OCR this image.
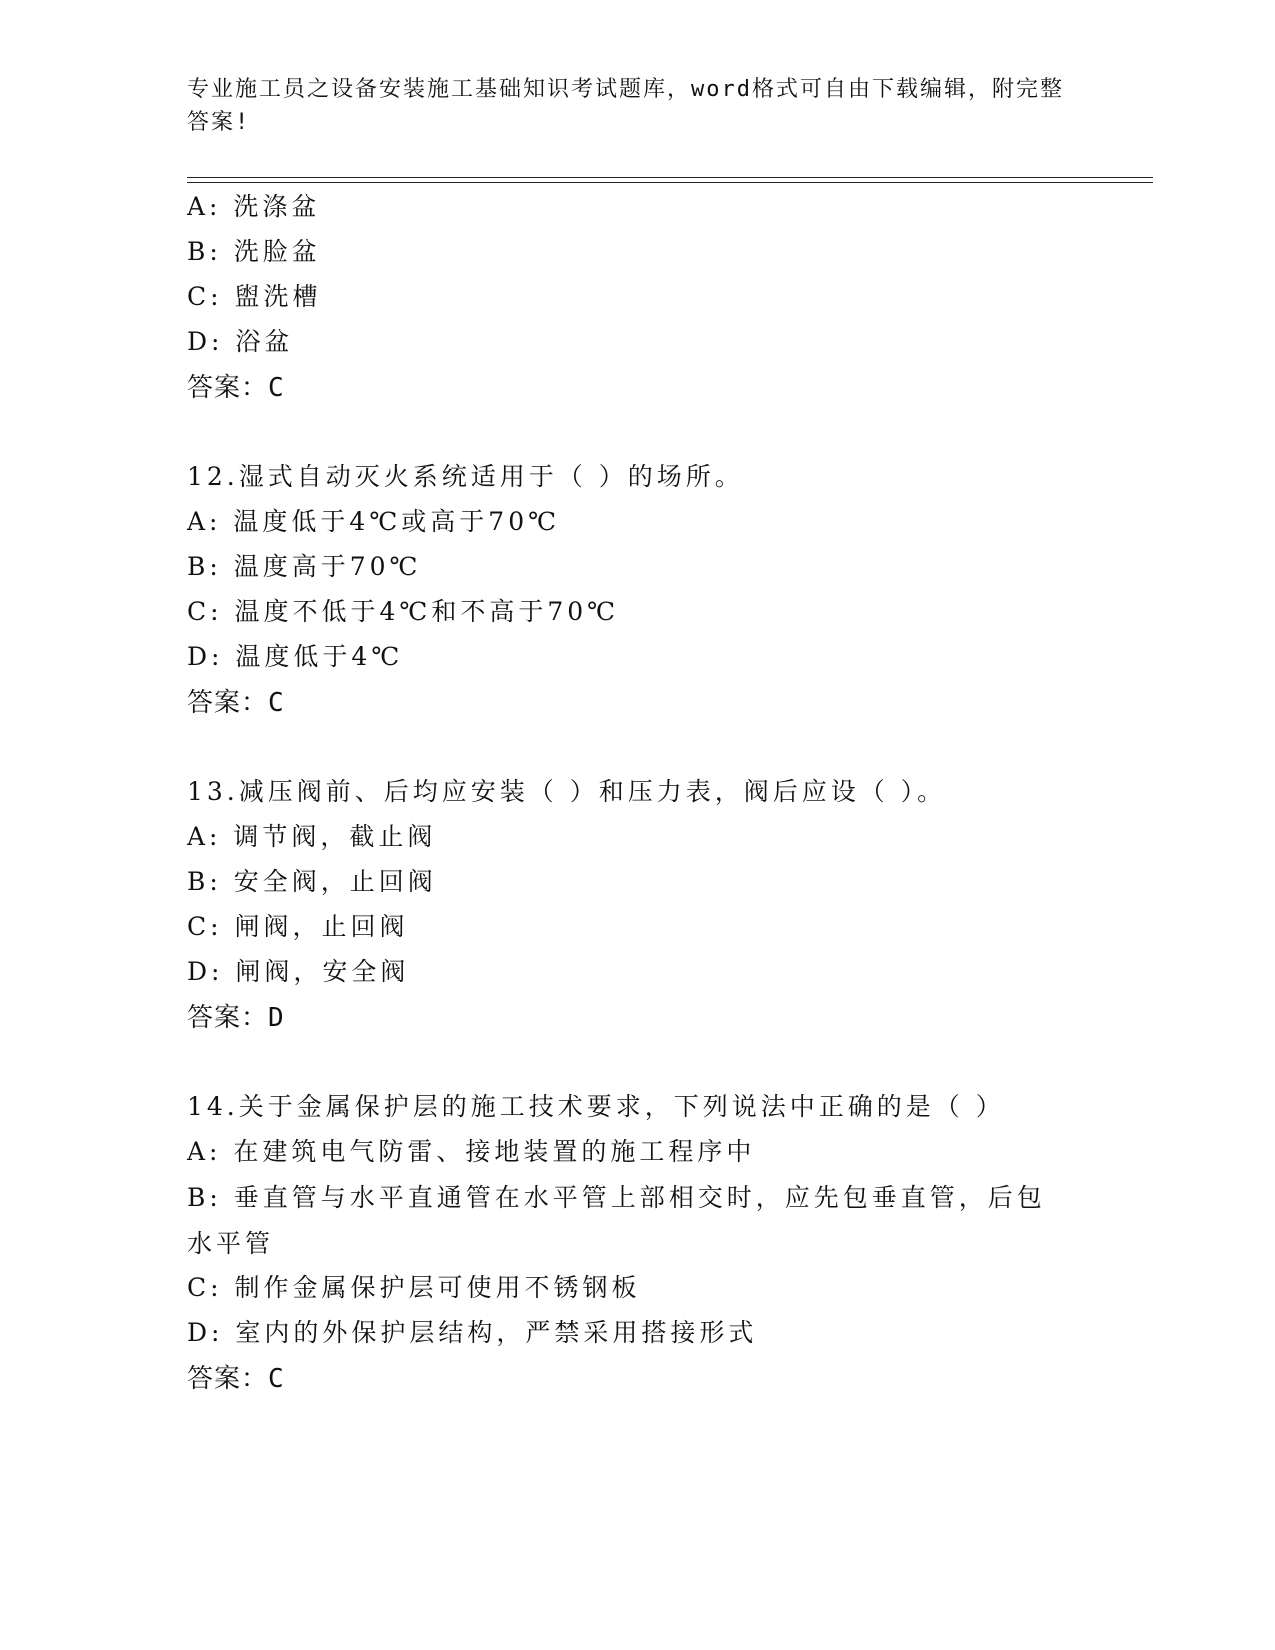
专业施工员之设备安装施工基础知识考试题库，word格式可自由下载编辑，附完整答案!
A: 洗涤盆
B: 洗脸盆
C: 盥洗槽
D: 浴盆
答案：C
12.湿式自动灭火系统适用于（ ）的场所。
A: 温度低于4℃或高于70℃
B: 温度高于70℃
C: 温度不低于4℃和不高于70℃
D: 温度低于4℃
答案：C
13.减压阀前、后均应安装（ ）和压力表，阀后应设（ ）。
A: 调节阀，截止阀
B: 安全阀，止回阀
C: 闸阀，止回阀
D: 闸阀，安全阀
答案：D
14.关于金属保护层的施工技术要求，下列说法中正确的是（ ）
A: 在建筑电气防雷、接地装置的施工程序中
B: 垂直管与水平直通管在水平管上部相交时，应先包垂直管，后包水平管
C: 制作金属保护层可使用不锈钢板
D: 室内的外保护层结构，严禁采用搭接形式
答案：C
